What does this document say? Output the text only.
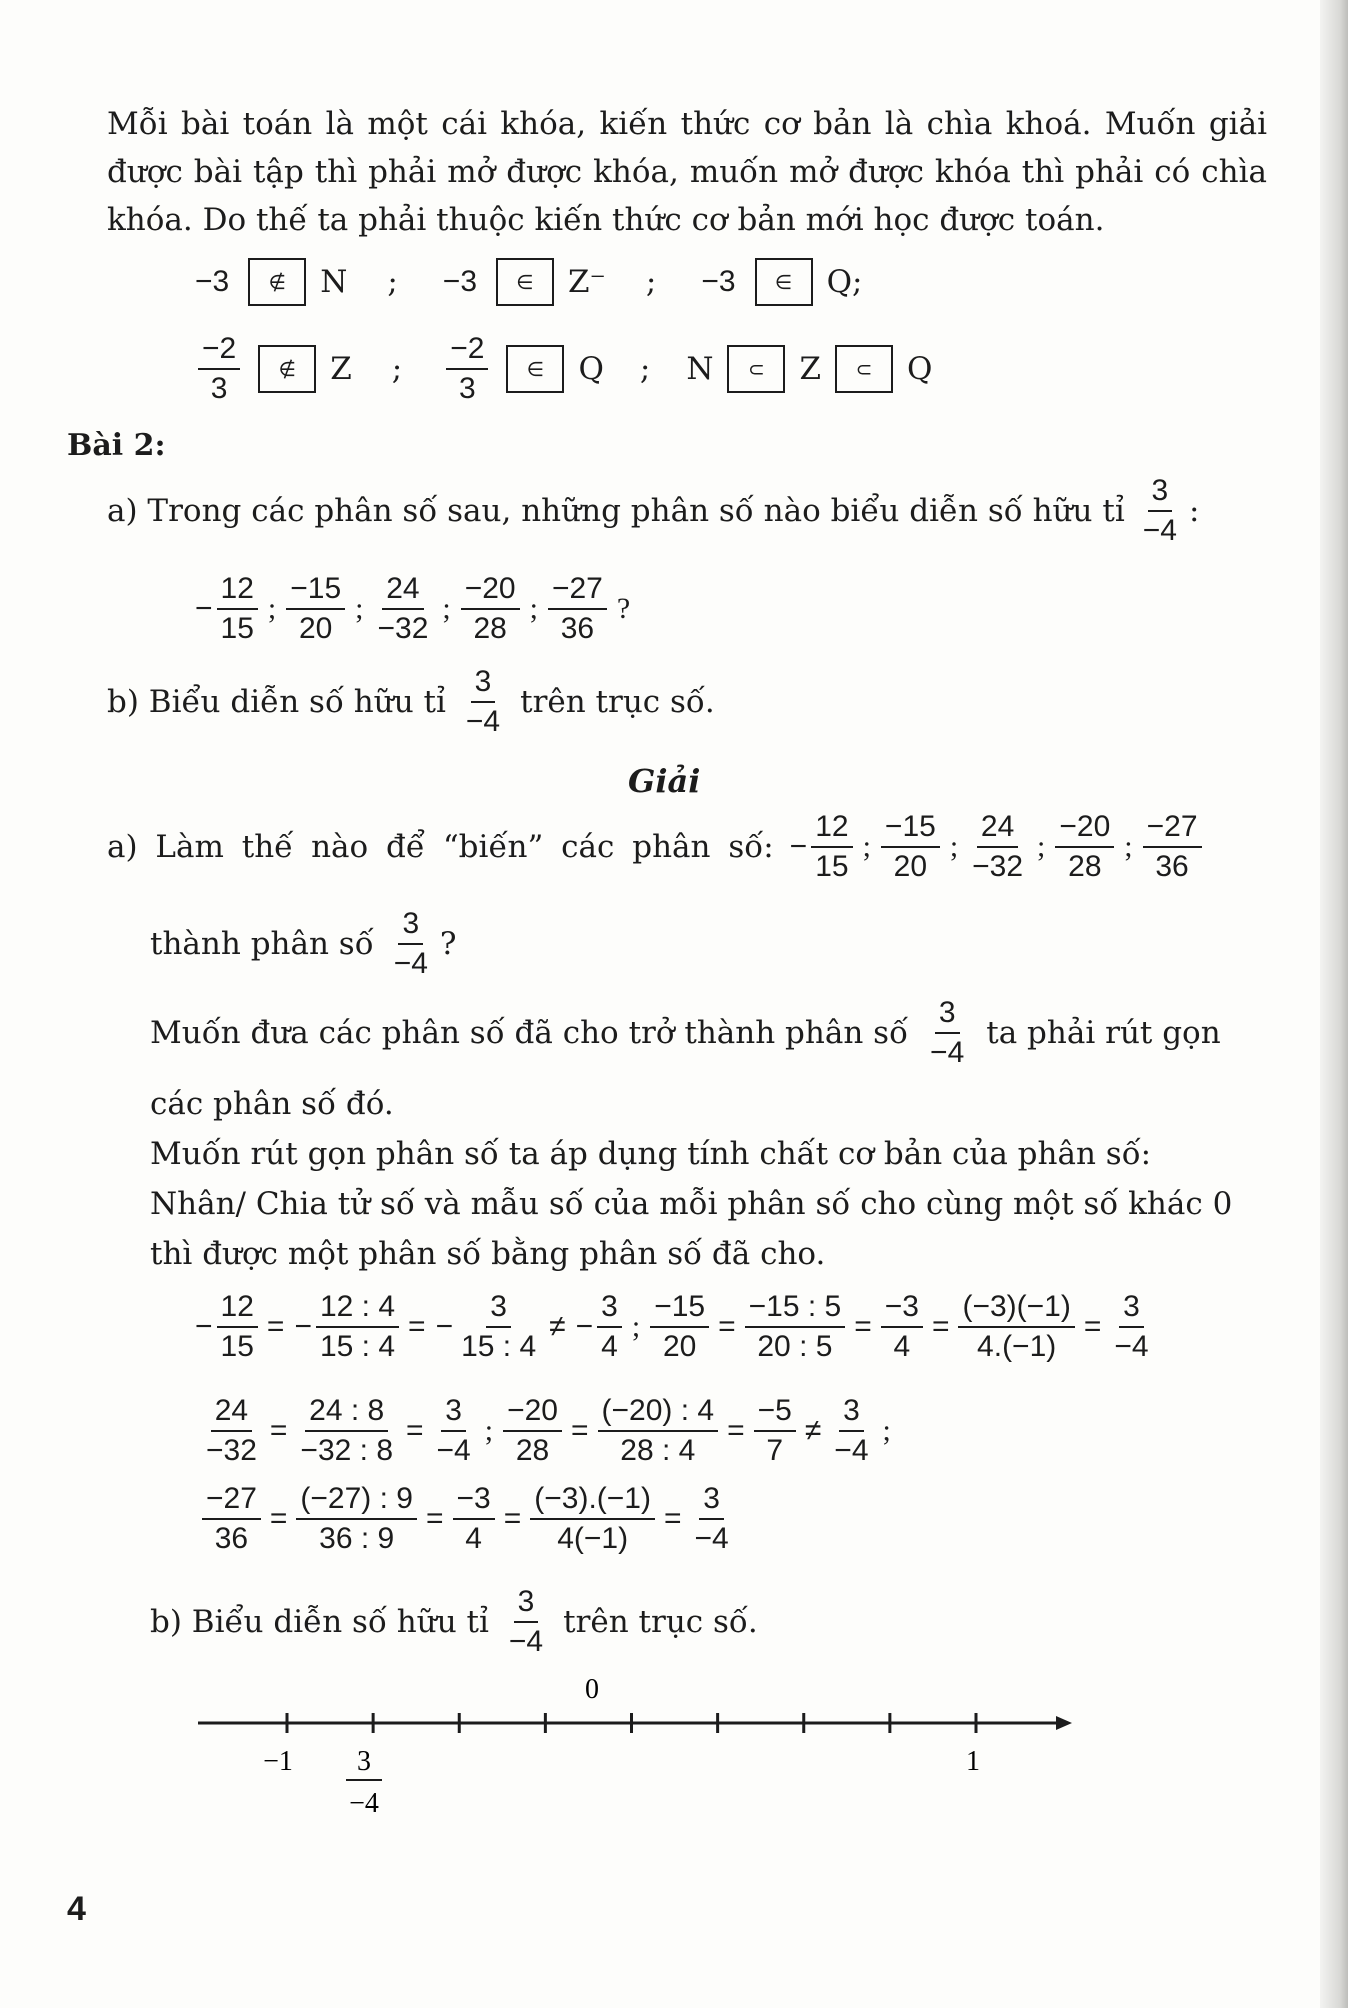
Mỗi bài toán là một cái khóa, kiến thức cơ bản là chìa khoá. Muốn giải được bài tập thì phải mở được khóa, muốn mở được khóa thì phải có chìa khóa. Do thế ta phải thuộc kiến thức cơ bản mới học được toán.
−3	∉	N ; −3	∈	Z⁻ ; −3	∈	Q;
$\frac{-2}{3}$	∉	Z ; $\frac{-2}{3}$	∈	Q ; N	⊂	Z	⊂	Q
Bài 2:
a) Trong các phân số sau, những phân số nào biểu diễn số hữu tỉ $\frac{3}{-4}$ :
− $\frac{12}{15}$ ; $\frac{-15}{20}$ ; $\frac{24}{-32}$ ; $\frac{-20}{28}$ ; $\frac{-27}{36}$ ?
b) Biểu diễn số hữu tỉ $\frac{3}{-4}$ trên trục số.
Giải
a) Làm thế nào để “biến” các phân số: − $\frac{12}{15}$ ; $\frac{-15}{20}$ ; $\frac{24}{-32}$ ; $\frac{-20}{28}$ ; $\frac{-27}{36}$
thành phân số $\frac{3}{-4}$ ?
Muốn đưa các phân số đã cho trở thành phân số $\frac{3}{-4}$ ta phải rút gọn
các phân số đó.
Muốn rút gọn phân số ta áp dụng tính chất cơ bản của phân số:
Nhân/ Chia tử số và mẫu số của mỗi phân số cho cùng một số khác 0
thì được một phân số bằng phân số đã cho.
− $\frac{12}{15}$ = − $\frac{12 : 4}{15 : 4}$ = − $\frac{3}{15 : 4}$ ≠ − $\frac{3}{4}$ ; $\frac{-15}{20} = \frac{-15 : 5}{20 : 5} = \frac{-3}{4} = \frac{(-3)(-1)}{4.(-1)} = \frac{3}{-4}$
$\frac{24}{-32} = \frac{24 : 8}{-32 : 8} = \frac{3}{-4}$ ; $\frac{-20}{28} = \frac{(-20) : 4}{28 : 4} = \frac{-5}{7} \ne \frac{3}{-4}$ ;
$\frac{-27}{36} = \frac{(-27) : 9}{36 : 9} = \frac{-3}{4} = \frac{(-3).(-1)}{4(-1)} = \frac{3}{-4}$
b) Biểu diễn số hữu tỉ $\frac{3}{-4}$ trên trục số.
0
−1	1
3
−4
4
